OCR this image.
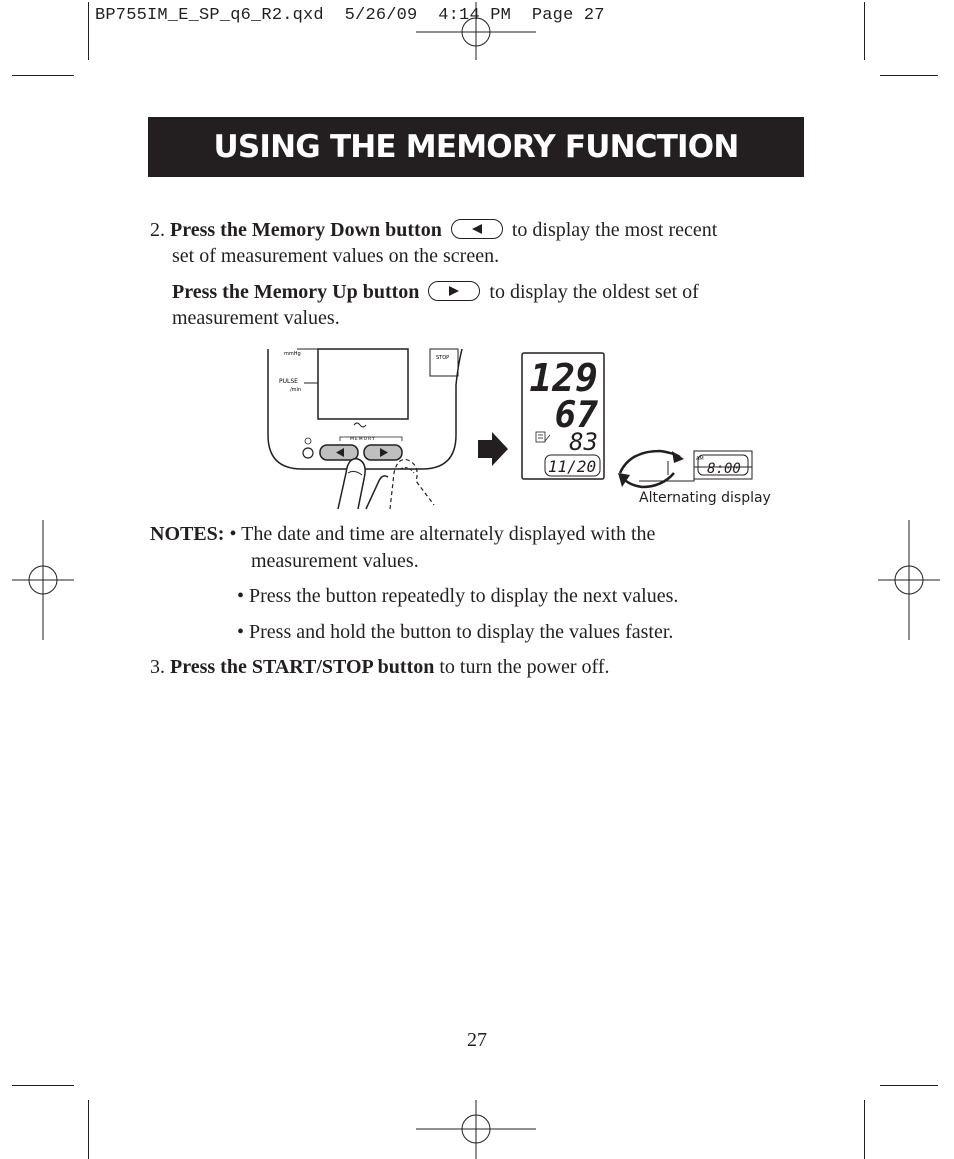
BP755IM_E_SP_q6_R2.qxd  5/26/09  4:14 PM  Page 27
USING THE MEMORY FUNCTION
2. Press the Memory Down button	to display the most recent
set of measurement values on the screen.
Press the Memory Up button	to display the oldest set of
measurement values.
mmHg
PULSE
/min
STOP
MEMORY
129
67
83
11/20	AM
8:00
Alternating display
NOTES: • The date and time are alternately displayed with the
measurement values.
• Press the button repeatedly to display the next values.
• Press and hold the button to display the values faster.
3. Press the START/STOP button to turn the power off.
27
